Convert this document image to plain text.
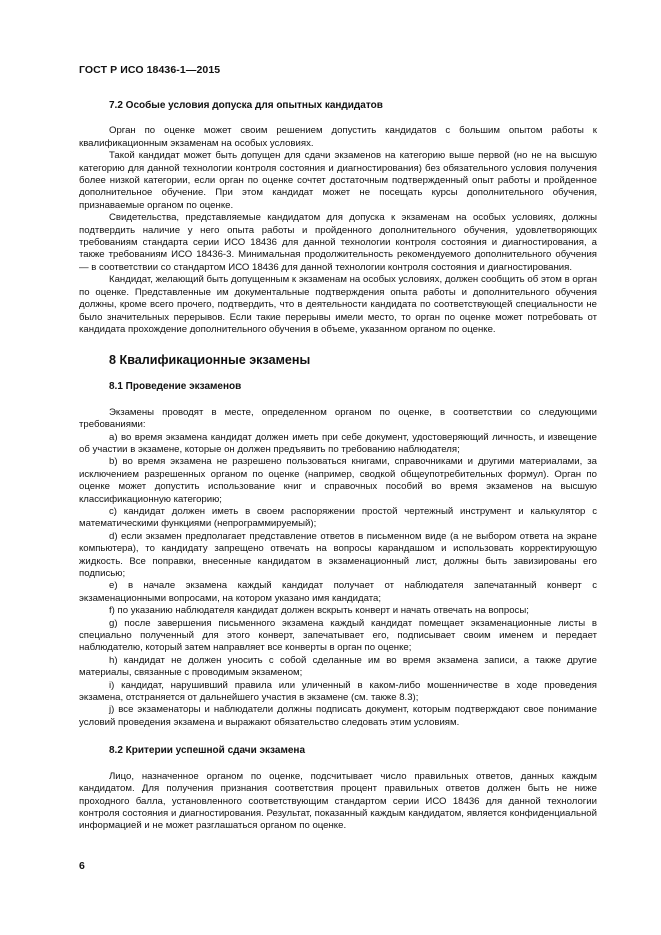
ГОСТ Р ИСО 18436-1—2015
7.2 Особые условия допуска для опытных кандидатов

Орган по оценке может своим решением допустить кандидатов с большим опытом работы к квалификационным экзаменам на особых условиях.

Такой кандидат может быть допущен для сдачи экзаменов на категорию выше первой (но не на высшую категорию для данной технологии контроля состояния и диагностирования) без обязательного условия получения более низкой категории, если орган по оценке сочтет достаточным подтвержденный опыт работы и пройденное дополнительное обучение. При этом кандидат может не посещать курсы дополнительного обучения, признаваемые органом по оценке.

Свидетельства, представляемые кандидатом для допуска к экзаменам на особых условиях, должны подтвердить наличие у него опыта работы и пройденного дополнительного обучения, удовлетворяющих требованиям стандарта серии ИСО 18436 для данной технологии контроля состояния и диагностирования, а также требованиям ИСО 18436-3. Минимальная продолжительность рекомендуемого дополнительного обучения — в соответствии со стандартом ИСО 18436 для данной технологии контроля состояния и диагностирования.

Кандидат, желающий быть допущенным к экзаменам на особых условиях, должен сообщить об этом в орган по оценке. Представленные им документальные подтверждения опыта работы и дополнительного обучения должны, кроме всего прочего, подтвердить, что в деятельности кандидата по соответствующей специальности не было значительных перерывов. Если такие перерывы имели место, то орган по оценке может потребовать от кандидата прохождение дополнительного обучения в объеме, указанном органом по оценке.

8 Квалификационные экзамены
8.1 Проведение экзаменов

Экзамены проводят в месте, определенном органом по оценке, в соответствии со следующими требованиями:

а) во время экзамена кандидат должен иметь при себе документ, удостоверяющий личность, и извещение об участии в экзамене, которые он должен предъявить по требованию наблюдателя;

b) во время экзамена не разрешено пользоваться книгами, справочниками и другими материалами, за исключением разрешенных органом по оценке (например, сводкой общеупотребительных формул). Орган по оценке может допустить использование книг и справочных пособий во время экзаменов на высшую классификационную категорию;

с) кандидат должен иметь в своем распоряжении простой чертежный инструмент и калькулятор с математическими функциями (непрограммируемый);

d) если экзамен предполагает представление ответов в письменном виде (а не выбором ответа на экране компьютера), то кандидату запрещено отвечать на вопросы карандашом и использовать корректирующую жидкость. Все поправки, внесенные кандидатом в экзаменационный лист, должны быть завизированы его подписью;

е) в начале экзамена каждый кандидат получает от наблюдателя запечатанный конверт с экзаменационными вопросами, на котором указано имя кандидата;

f) по указанию наблюдателя кандидат должен вскрыть конверт и начать отвечать на вопросы;

g) после завершения письменного экзамена каждый кандидат помещает экзаменационные листы в специально полученный для этого конверт, запечатывает его, подписывает своим именем и передает наблюдателю, который затем направляет все конверты в орган по оценке;

h) кандидат не должен уносить с собой сделанные им во время экзамена записи, а также другие материалы, связанные с проводимым экзаменом;

i) кандидат, нарушивший правила или уличенный в каком-либо мошенничестве в ходе проведения экзамена, отстраняется от дальнейшего участия в экзамене (см. также 8.3);

j) все экзаменаторы и наблюдатели должны подписать документ, которым подтверждают свое понимание условий проведения экзамена и выражают обязательство следовать этим условиям.

8.2 Критерии успешной сдачи экзамена

Лицо, назначенное органом по оценке, подсчитывает число правильных ответов, данных каждым кандидатом. Для получения признания соответствия процент правильных ответов должен быть не ниже проходного балла, установленного соответствующим стандартом серии ИСО 18436 для данной технологии контроля состояния и диагностирования. Результат, показанный каждым кандидатом, является конфиденциальной информацией и не может разглашаться органом по оценке.

6
